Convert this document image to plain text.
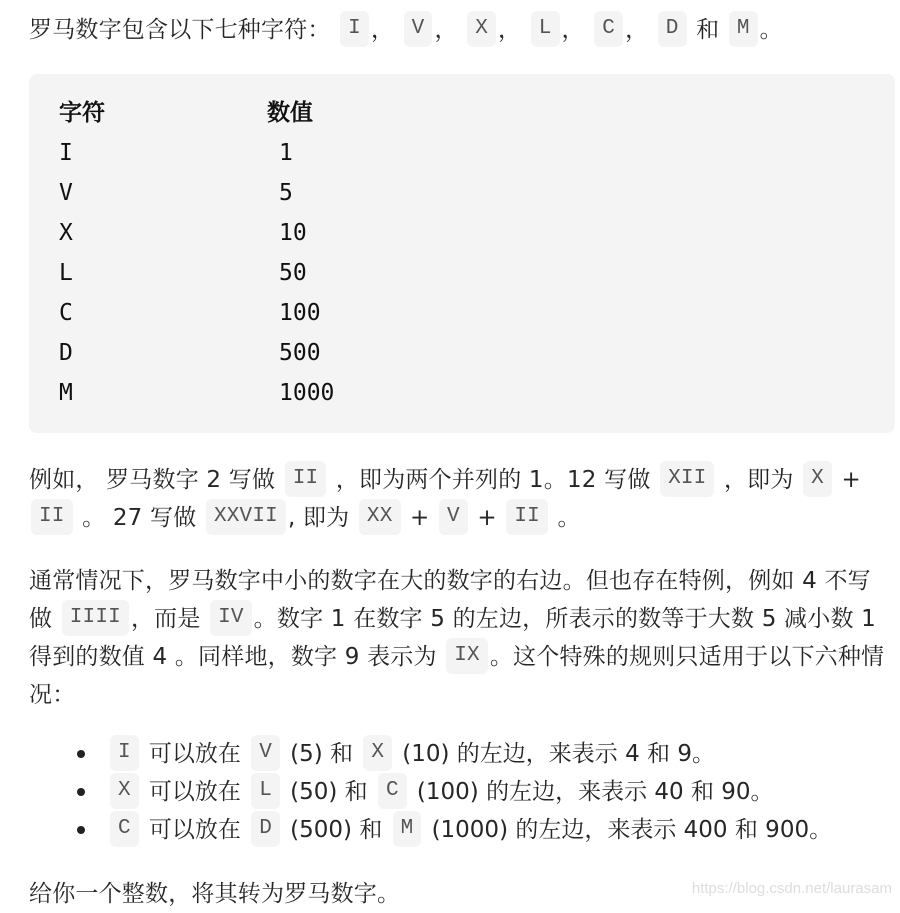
罗马数字包含以下七种字符： I ， V ， X ， L ， C ， D 和 M 。

字符	数值
I	1
V	5
X	10
L	50
C	100
D	500
M	1000

例如， 罗马数字 2 写做 II ，即为两个并列的 1。12 写做 XII ，即为 X + II 。 27 写做 XXVII , 即为 XX + V + II 。

通常情况下，罗马数字中小的数字在大的数字的右边。但也存在特例，例如 4 不写做 IIII ，而是 IV 。数字 1 在数字 5 的左边，所表示的数等于大数 5 减小数 1 得到的数值 4 。同样地，数字 9 表示为 IX 。这个特殊的规则只适用于以下六种情况：

I 可以放在 V (5) 和 X (10) 的左边，来表示 4 和 9。
X 可以放在 L (50) 和 C (100) 的左边，来表示 40 和 90。
C 可以放在 D (500) 和 M (1000) 的左边，来表示 400 和 900。

给你一个整数，将其转为罗马数字。	https://blog.csdn.net/laurasam
